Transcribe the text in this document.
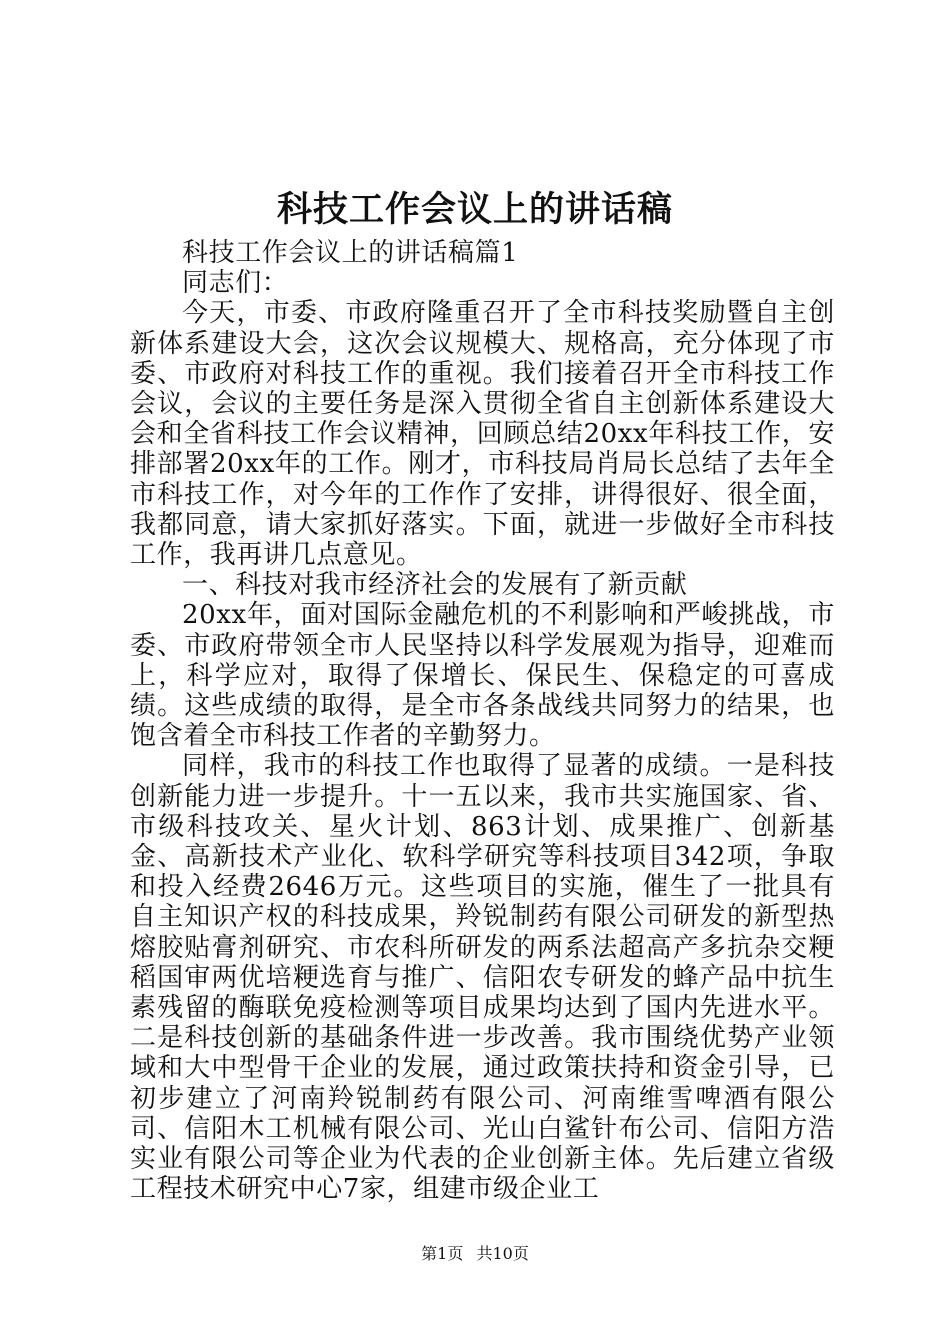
科技工作会议上的讲话稿

科技工作会议上的讲话稿篇1

同志们：

今天，市委、市政府隆重召开了全市科技奖励暨自主创新体系建设大会，这次会议规模大、规格高，充分体现了市委、市政府对科技工作的重视。我们接着召开全市科技工作会议，会议的主要任务是深入贯彻全省自主创新体系建设大会和全省科技工作会议精神，回顾总结20xx年科技工作，安排部署20xx年的工作。刚才，市科技局肖局长总结了去年全市科技工作，对今年的工作作了安排，讲得很好、很全面，我都同意，请大家抓好落实。下面，就进一步做好全市科技工作，我再讲几点意见。

一、科技对我市经济社会的发展有了新贡献

20xx年，面对国际金融危机的不利影响和严峻挑战，市委、市政府带领全市人民坚持以科学发展观为指导，迎难而上，科学应对，取得了保增长、保民生、保稳定的可喜成绩。这些成绩的取得，是全市各条战线共同努力的结果，也饱含着全市科技工作者的辛勤努力。

同样，我市的科技工作也取得了显著的成绩。一是科技创新能力进一步提升。十一五以来，我市共实施国家、省、市级科技攻关、星火计划、863计划、成果推广、创新基金、高新技术产业化、软科学研究等科技项目342项，争取和投入经费2646万元。这些项目的实施，催生了一批具有自主知识产权的科技成果，羚锐制药有限公司研发的新型热熔胶贴膏剂研究、市农科所研发的两系法超高产多抗杂交粳稻国审两优培粳选育与推广、信阳农专研发的蜂产品中抗生素残留的酶联免疫检测等项目成果均达到了国内先进水平。二是科技创新的基础条件进一步改善。我市围绕优势产业领域和大中型骨干企业的发展，通过政策扶持和资金引导，已初步建立了河南羚锐制药有限公司、河南维雪啤酒有限公司、信阳木工机械有限公司、光山白鲨针布公司、信阳方浩实业有限公司等企业为代表的企业创新主体。先后建立省级工程技术研究中心7家，组建市级企业工

第1页 共10页
